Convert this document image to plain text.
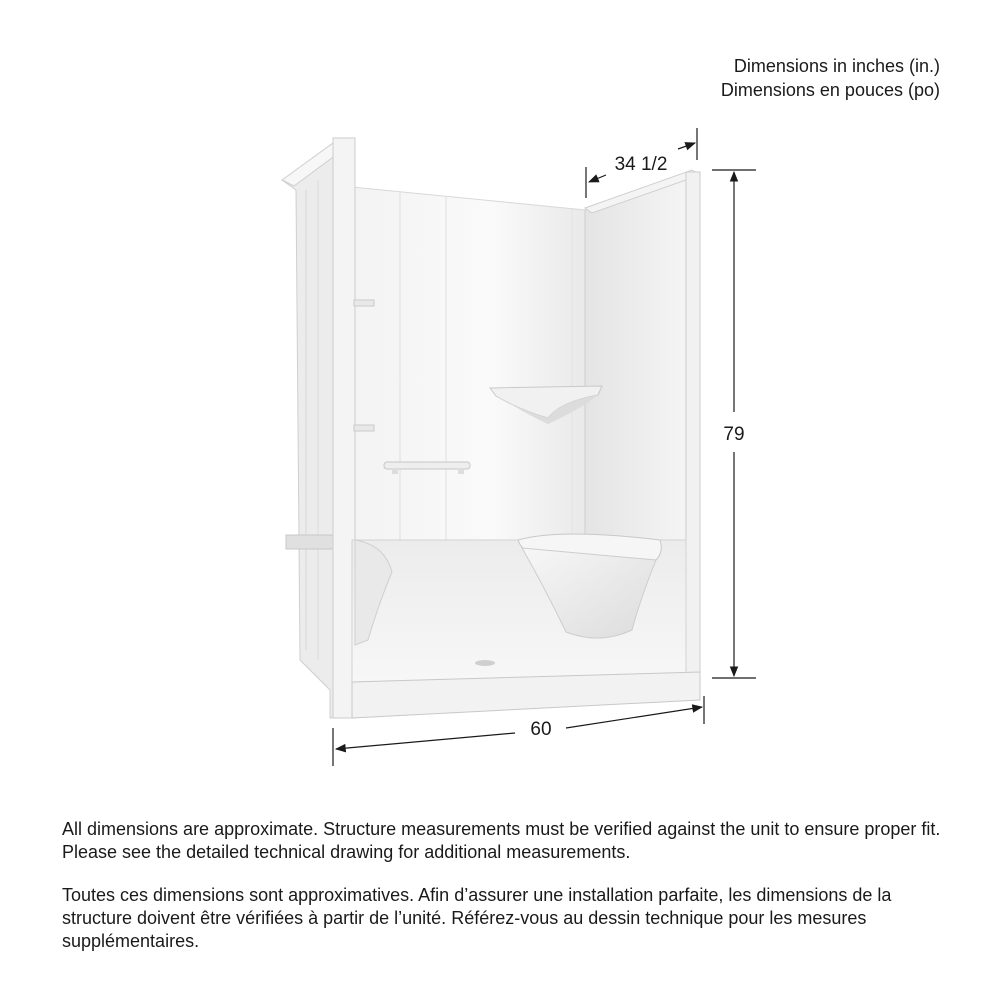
Dimensions in inches (in.)
Dimensions en pouces (po)
34 1/2
79
60

All dimensions are approximate. Structure measurements must be verified against the unit to ensure proper fit. Please see the detailed technical drawing for additional measurements.

Toutes ces dimensions sont approximatives. Afin d’assurer une installation parfaite, les dimensions de la structure doivent être vérifiées à partir de l’unité. Référez-vous au dessin technique pour les mesures supplémentaires.
